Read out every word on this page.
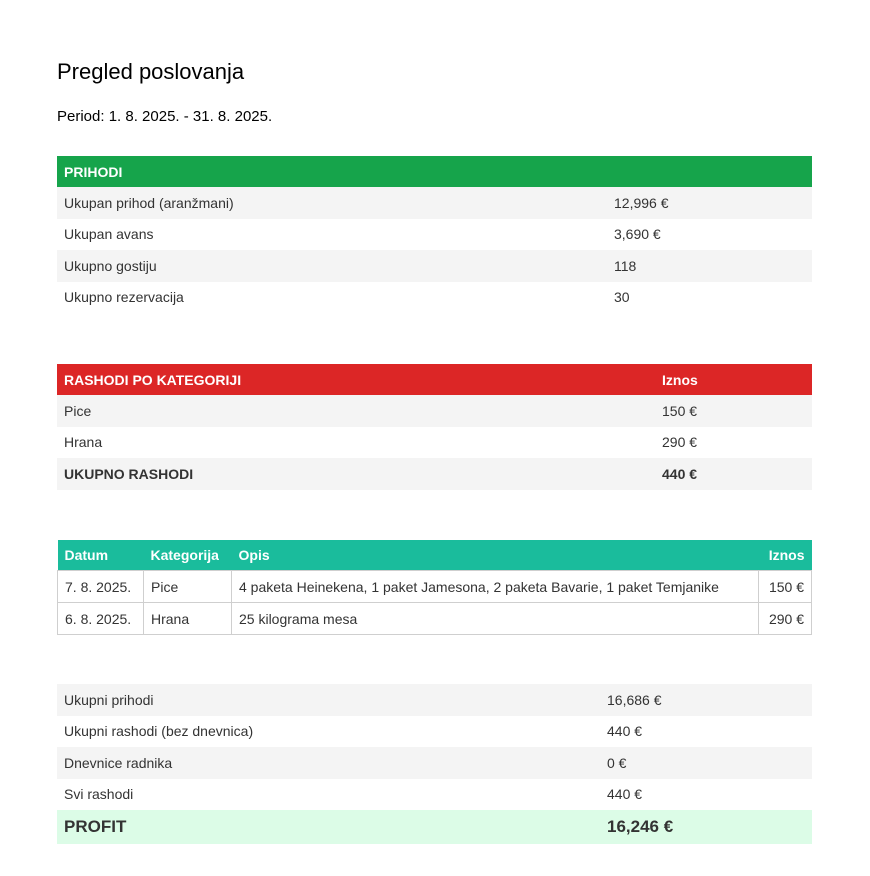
Pregled poslovanja
Period: 1. 8. 2025. - 31. 8. 2025.
PRIHODI	
Ukupan prihod (aranžmani)	12,996 €
Ukupan avans	3,690 €
Ukupno gostiju	118
Ukupno rezervacija	30
RASHODI PO KATEGORIJI	Iznos
Pice	150 €
Hrana	290 €
UKUPNO RASHODI	440 €
Datum	Kategorija	Opis	Iznos
7. 8. 2025.	Pice	4 paketa Heinekena, 1 paket Jamesona, 2 paketa Bavarie, 1 paket Temjanike	150 €
6. 8. 2025.	Hrana	25 kilograma mesa	290 €
Ukupni prihodi	16,686 €
Ukupni rashodi (bez dnevnica)	440 €
Dnevnice radnika	0 €
Svi rashodi	440 €
PROFIT	16,246 €
